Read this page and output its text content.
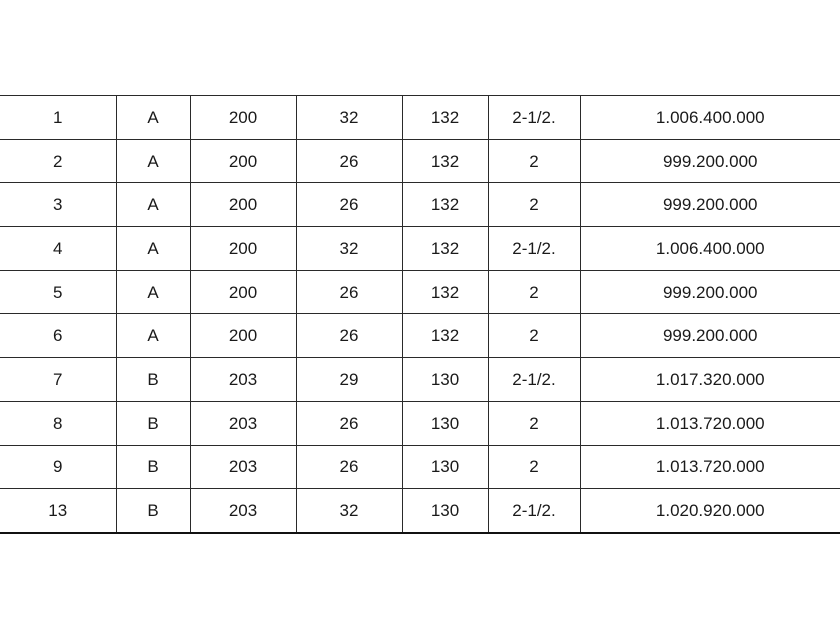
1	A	200	32	132	2-1/2.	1.006.400.000
2	A	200	26	132	2	999.200.000
3	A	200	26	132	2	999.200.000
4	A	200	32	132	2-1/2.	1.006.400.000
5	A	200	26	132	2	999.200.000
6	A	200	26	132	2	999.200.000
7	B	203	29	130	2-1/2.	1.017.320.000
8	B	203	26	130	2	1.013.720.000
9	B	203	26	130	2	1.013.720.000
13	B	203	32	130	2-1/2.	1.020.920.000
